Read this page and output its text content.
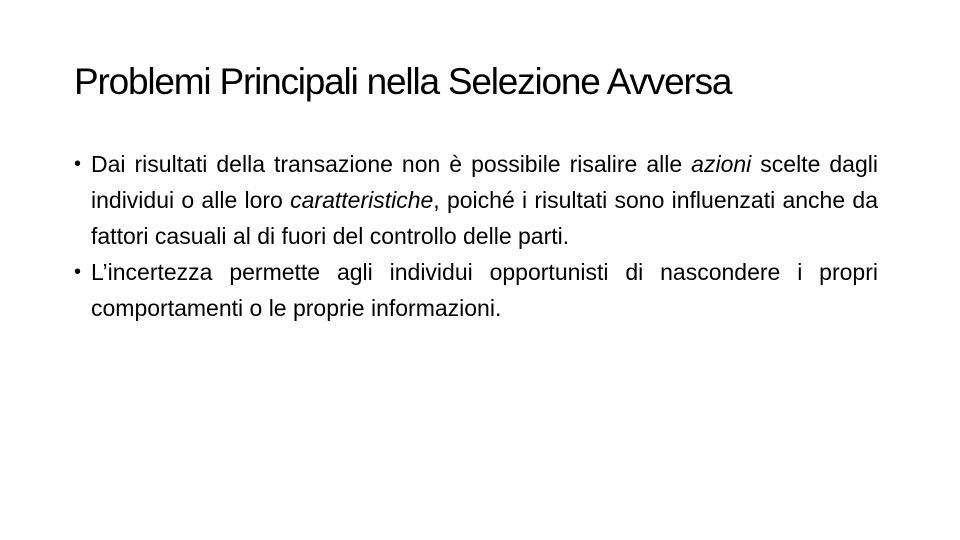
Problemi Principali nella Selezione Avversa
• Dai risultati della transazione non è possibile risalire alle azioni scelte dagli individui o alle loro caratteristiche, poiché i risultati sono influenzati anche da fattori casuali al di fuori del controllo delle parti.

• L’incertezza permette agli individui opportunisti di nascondere i propri comportamenti o le proprie informazioni.
